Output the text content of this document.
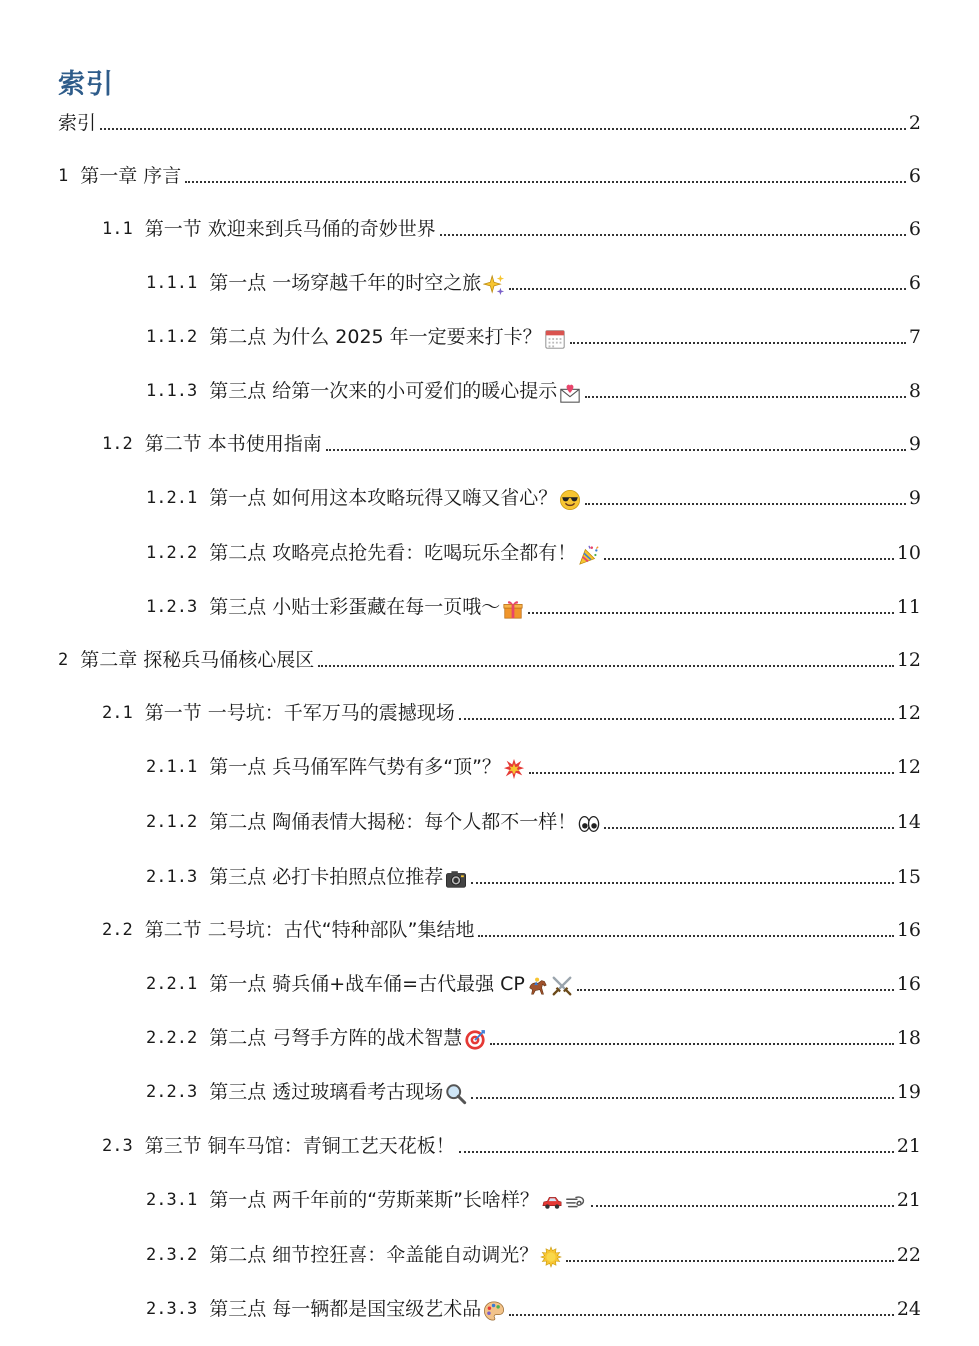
索引
索引	2
1 第一章 序言	6
1.1 第一节 欢迎来到兵马俑的奇妙世界	6
1.1.1 第一点 一场穿越千年的时空之旅	6
1.1.2 第二点 为什么 2025 年一定要来打卡？	7
1.1.3 第三点 给第一次来的小可爱们的暖心提示	8
1.2 第二节 本书使用指南	9
1.2.1 第一点 如何用这本攻略玩得又嗨又省心？	9
1.2.2 第二点 攻略亮点抢先看：吃喝玩乐全都有！	10
1.2.3 第三点 小贴士彩蛋藏在每一页哦～	11
2 第二章 探秘兵马俑核心展区	12
2.1 第一节 一号坑：千军万马的震撼现场	12
2.1.1 第一点 兵马俑军阵气势有多“顶”？	12
2.1.2 第二点 陶俑表情大揭秘：每个人都不一样！	14
2.1.3 第三点 必打卡拍照点位推荐	15
2.2 第二节 二号坑：古代“特种部队”集结地	16
2.2.1 第一点 骑兵俑+战车俑=古代最强 CP	16
2.2.2 第二点 弓弩手方阵的战术智慧	18
2.2.3 第三点 透过玻璃看考古现场	19
2.3 第三节 铜车马馆：青铜工艺天花板！	21
2.3.1 第一点 两千年前的“劳斯莱斯”长啥样？	21
2.3.2 第二点 细节控狂喜：伞盖能自动调光？	22
2.3.3 第三点 每一辆都是国宝级艺术品	24
